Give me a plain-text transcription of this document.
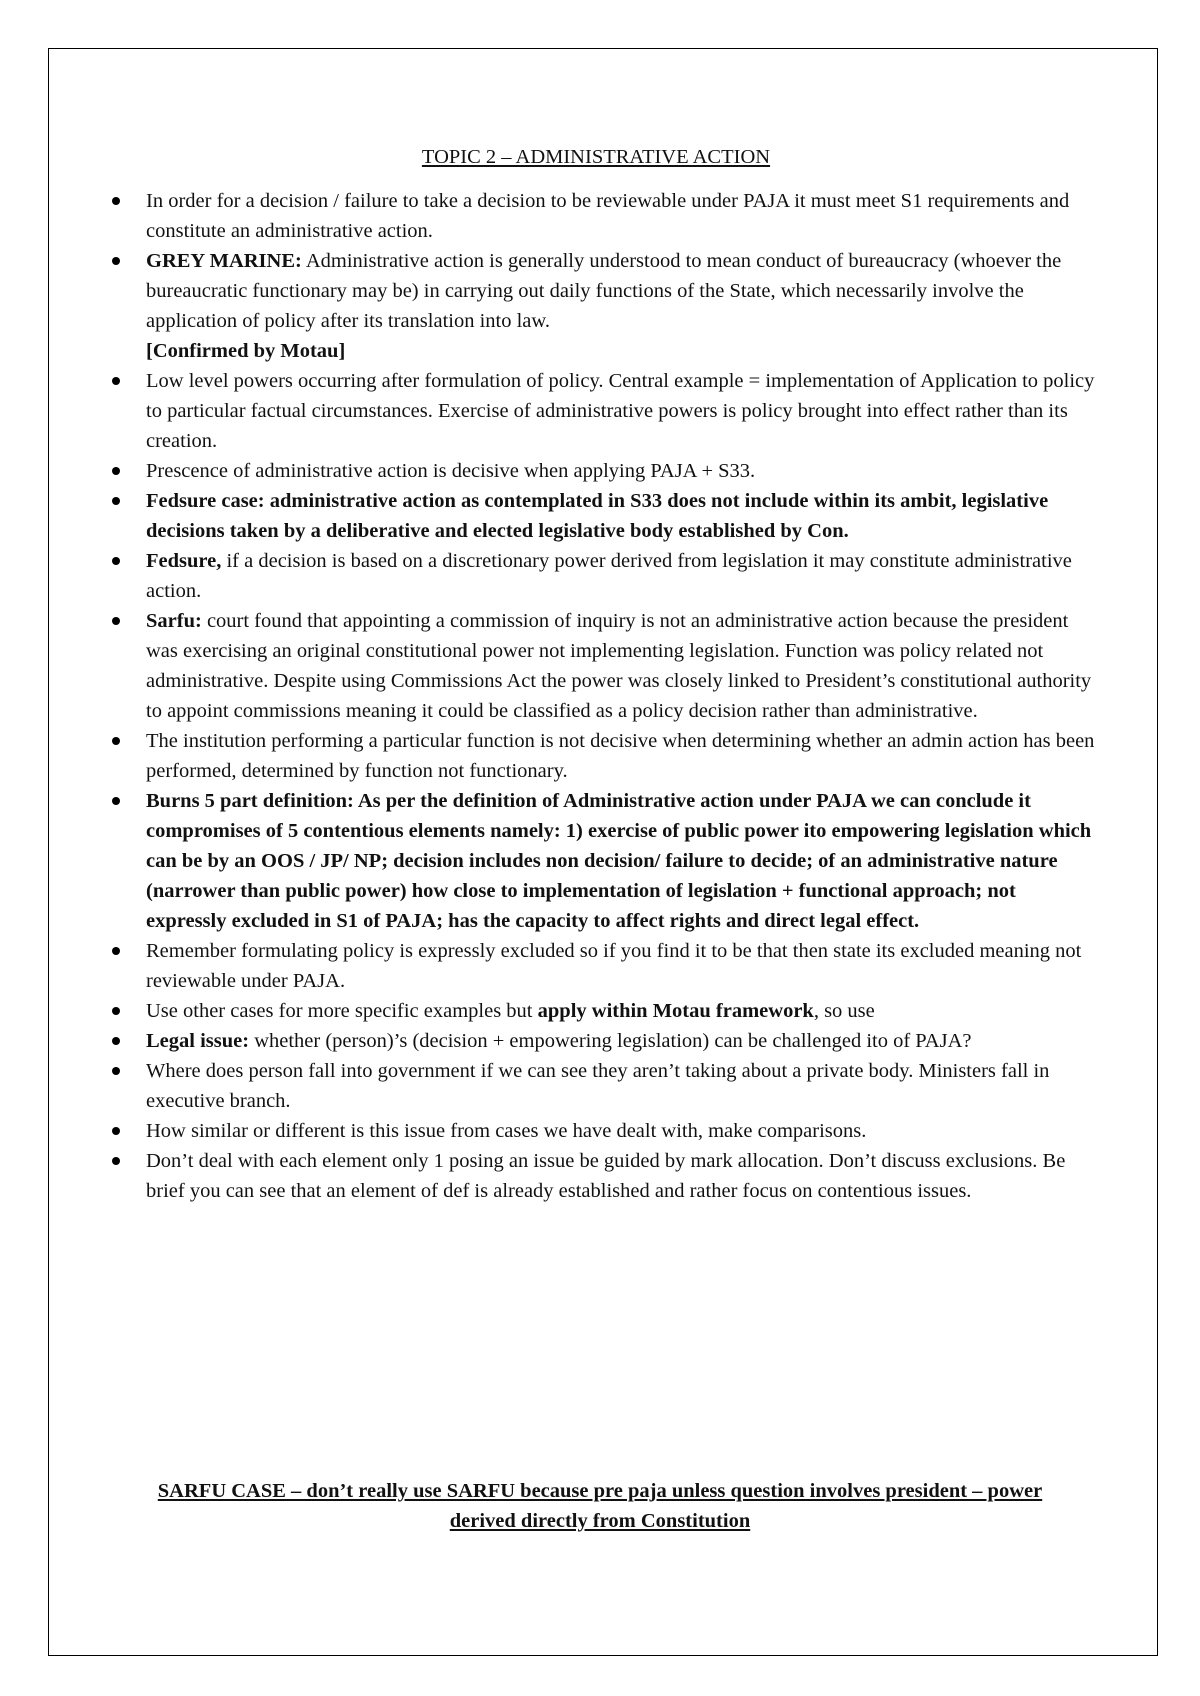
TOPIC 2 – ADMINISTRATIVE ACTION
In order for a decision / failure to take a decision to be reviewable under PAJA it must meet S1 requirements and constitute an administrative action.
GREY MARINE: Administrative action is generally understood to mean conduct of bureaucracy (whoever the bureaucratic functionary may be) in carrying out daily functions of the State, which necessarily involve the application of policy after its translation into law.
[Confirmed by Motau]
Low level powers occurring after formulation of policy. Central example = implementation of Application to policy to particular factual circumstances. Exercise of administrative powers is policy brought into effect rather than its creation.
Prescence of administrative action is decisive when applying PAJA + S33.
Fedsure case: administrative action as contemplated in S33 does not include within its ambit, legislative decisions taken by a deliberative and elected legislative body established by Con.
Fedsure, if a decision is based on a discretionary power derived from legislation it may constitute administrative action.
Sarfu: court found that appointing a commission of inquiry is not an administrative action because the president was exercising an original constitutional power not implementing legislation. Function was policy related not administrative. Despite using Commissions Act the power was closely linked to President’s constitutional authority to appoint commissions meaning it could be classified as a policy decision rather than administrative.
The institution performing a particular function is not decisive when determining whether an admin action has been performed, determined by function not functionary.
Burns 5 part definition: As per the definition of Administrative action under PAJA we can conclude it compromises of 5 contentious elements namely: 1) exercise of public power ito empowering legislation which can be by an OOS / JP/ NP; decision includes non decision/ failure to decide; of an administrative nature (narrower than public power) how close to implementation of legislation + functional approach; not expressly excluded in S1 of PAJA; has the capacity to affect rights and direct legal effect.
Remember formulating policy is expressly excluded so if you find it to be that then state its excluded meaning not reviewable under PAJA.
Use other cases for more specific examples but apply within Motau framework, so use
Legal issue: whether (person)’s (decision + empowering legislation) can be challenged ito of PAJA?
Where does person fall into government if we can see they aren’t taking about a private body. Ministers fall in executive branch.
How similar or different is this issue from cases we have dealt with, make comparisons.
Don’t deal with each element only 1 posing an issue be guided by mark allocation. Don’t discuss exclusions. Be brief you can see that an element of def is already established and rather focus on contentious issues.
SARFU CASE – don’t really use SARFU because pre paja unless question involves president – power derived directly from Constitution
